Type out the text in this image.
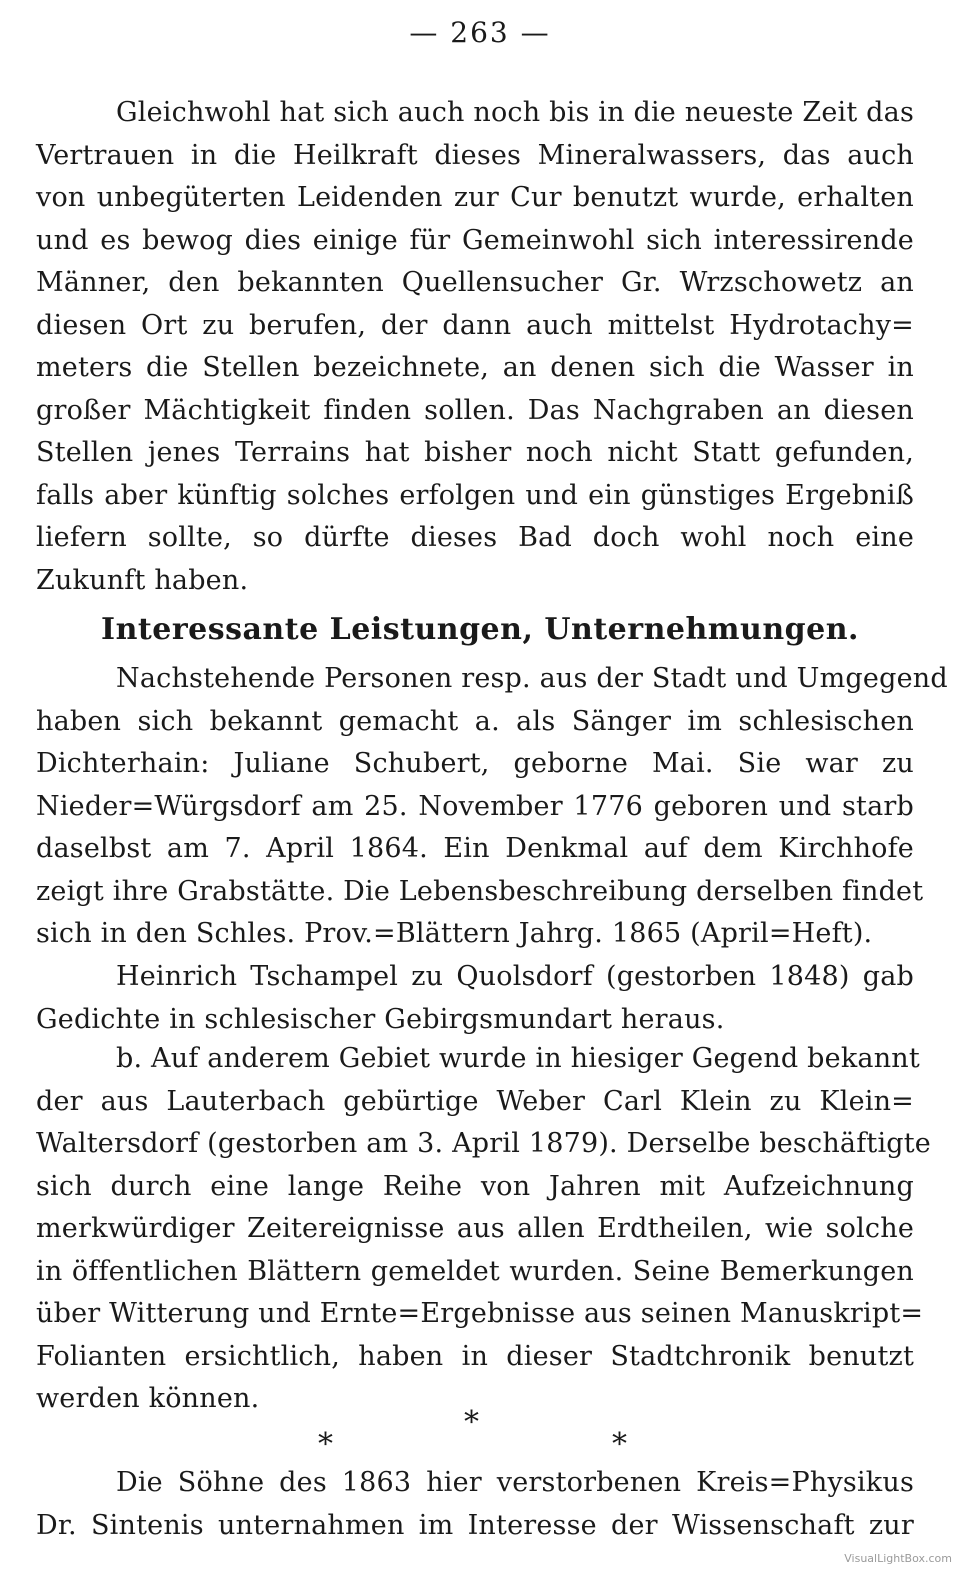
— 263 —
Gleichwohl hat sich auch noch bis in die neueste Zeit das
Vertrauen in die Heilkraft dieses Mineralwassers, das auch
von unbegüterten Leidenden zur Cur benutzt wurde, erhalten
und es bewog dies einige für Gemeinwohl sich interessirende
Männer, den bekannten Quellensucher Gr. Wrzschowetz an
diesen Ort zu berufen, der dann auch mittelst Hydrotachy=
meters die Stellen bezeichnete, an denen sich die Wasser in
großer Mächtigkeit finden sollen. Das Nachgraben an diesen
Stellen jenes Terrains hat bisher noch nicht Statt gefunden,
falls aber künftig solches erfolgen und ein günstiges Ergebniß
liefern sollte, so dürfte dieses Bad doch wohl noch eine
Zukunft haben.
Interessante Leistungen, Unternehmungen.
Nachstehende Personen resp. aus der Stadt und Umgegend
haben sich bekannt gemacht a. als Sänger im schlesischen
Dichterhain: Juliane Schubert, geborne Mai. Sie war zu
Nieder=Würgsdorf am 25. November 1776 geboren und starb
daselbst am 7. April 1864. Ein Denkmal auf dem Kirchhofe
zeigt ihre Grabstätte. Die Lebensbeschreibung derselben findet
sich in den Schles. Prov.=Blättern Jahrg. 1865 (April=Heft).
Heinrich Tschampel zu Quolsdorf (gestorben 1848) gab
Gedichte in schlesischer Gebirgsmundart heraus.
b. Auf anderem Gebiet wurde in hiesiger Gegend bekannt
der aus Lauterbach gebürtige Weber Carl Klein zu Klein=
Waltersdorf (gestorben am 3. April 1879). Derselbe beschäftigte
sich durch eine lange Reihe von Jahren mit Aufzeichnung
merkwürdiger Zeitereignisse aus allen Erdtheilen, wie solche
in öffentlichen Blättern gemeldet wurden. Seine Bemerkungen
über Witterung und Ernte=Ergebnisse aus seinen Manuskript=
Folianten ersichtlich, haben in dieser Stadtchronik benutzt
werden können.
*
*	*
Die Söhne des 1863 hier verstorbenen Kreis=Physikus
Dr. Sintenis unternahmen im Interesse der Wissenschaft zur
VisualLightBox.com
